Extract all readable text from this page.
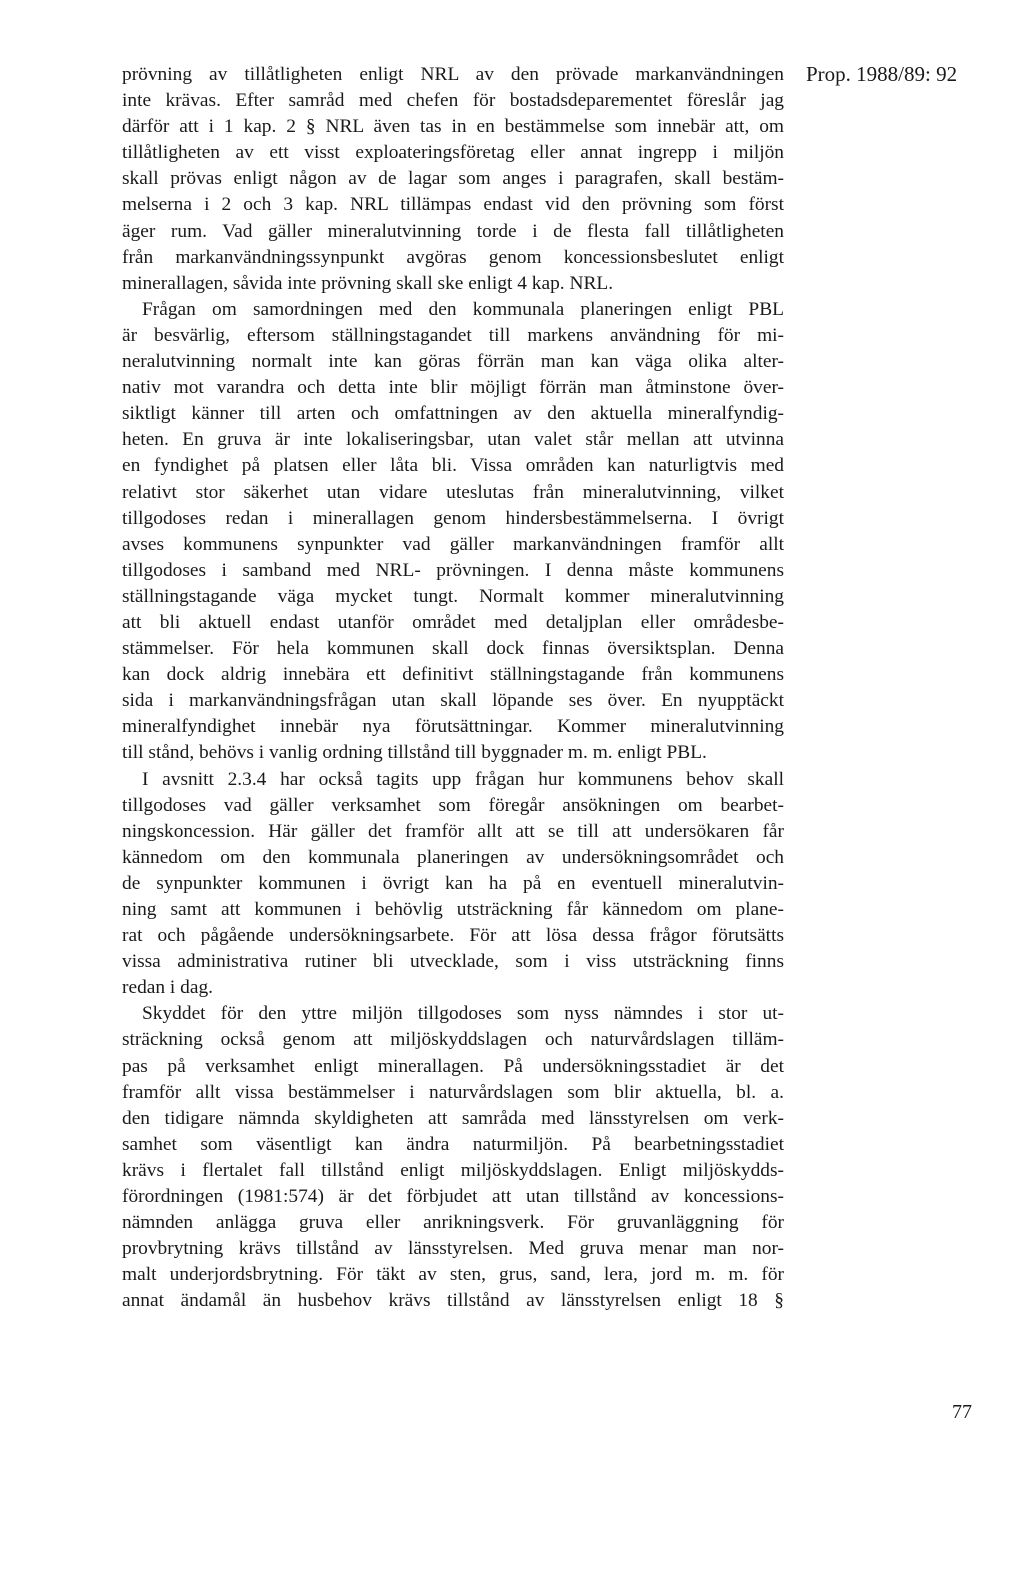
Prop. 1988/89: 92
prövning av tillåtligheten enligt NRL av den prövade markanvändningen
inte krävas. Efter samråd med chefen för bostadsdeparementet föreslår jag
därför att i 1 kap. 2 § NRL även tas in en bestämmelse som innebär att, om
tillåtligheten av ett visst exploateringsföretag eller annat ingrepp i miljön
skall prövas enligt någon av de lagar som anges i paragrafen, skall bestäm-
melserna i 2 och 3 kap. NRL tillämpas endast vid den prövning som först
äger rum. Vad gäller mineralutvinning torde i de flesta fall tillåtligheten
från markanvändningssynpunkt avgöras genom koncessionsbeslutet enligt
minerallagen, såvida inte prövning skall ske enligt 4 kap. NRL.
Frågan om samordningen med den kommunala planeringen enligt PBL
är besvärlig, eftersom ställningstagandet till markens användning för mi-
neralutvinning normalt inte kan göras förrän man kan väga olika alter-
nativ mot varandra och detta inte blir möjligt förrän man åtminstone över-
siktligt känner till arten och omfattningen av den aktuella mineralfyndig-
heten. En gruva är inte lokaliseringsbar, utan valet står mellan att utvinna
en fyndighet på platsen eller låta bli. Vissa områden kan naturligtvis med
relativt stor säkerhet utan vidare uteslutas från mineralutvinning, vilket
tillgodoses redan i minerallagen genom hindersbestämmelserna. I övrigt
avses kommunens synpunkter vad gäller markanvändningen framför allt
tillgodoses i samband med NRL- prövningen. I denna måste kommunens
ställningstagande väga mycket tungt. Normalt kommer mineralutvinning
att bli aktuell endast utanför området med detaljplan eller områdesbe-
stämmelser. För hela kommunen skall dock finnas översiktsplan. Denna
kan dock aldrig innebära ett definitivt ställningstagande från kommunens
sida i markanvändningsfrågan utan skall löpande ses över. En nyupptäckt
mineralfyndighet innebär nya förutsättningar. Kommer mineralutvinning
till stånd, behövs i vanlig ordning tillstånd till byggnader m. m. enligt PBL.
I avsnitt 2.3.4 har också tagits upp frågan hur kommunens behov skall
tillgodoses vad gäller verksamhet som föregår ansökningen om bearbet-
ningskoncession. Här gäller det framför allt att se till att undersökaren får
kännedom om den kommunala planeringen av undersökningsområdet och
de synpunkter kommunen i övrigt kan ha på en eventuell mineralutvin-
ning samt att kommunen i behövlig utsträckning får kännedom om plane-
rat och pågående undersökningsarbete. För att lösa dessa frågor förutsätts
vissa administrativa rutiner bli utvecklade, som i viss utsträckning finns
redan i dag.
Skyddet för den yttre miljön tillgodoses som nyss nämndes i stor ut-
sträckning också genom att miljöskyddslagen och naturvårdslagen tilläm-
pas på verksamhet enligt minerallagen. På undersökningsstadiet är det
framför allt vissa bestämmelser i naturvårdslagen som blir aktuella, bl. a.
den tidigare nämnda skyldigheten att samråda med länsstyrelsen om verk-
samhet som väsentligt kan ändra naturmiljön. På bearbetningsstadiet
krävs i flertalet fall tillstånd enligt miljöskyddslagen. Enligt miljöskydds-
förordningen (1981:574) är det förbjudet att utan tillstånd av koncessions-
nämnden anlägga gruva eller anrikningsverk. För gruvanläggning för
provbrytning krävs tillstånd av länsstyrelsen. Med gruva menar man nor-
malt underjordsbrytning. För täkt av sten, grus, sand, lera, jord m. m. för
annat ändamål än husbehov krävs tillstånd av länsstyrelsen enligt 18 §
77
